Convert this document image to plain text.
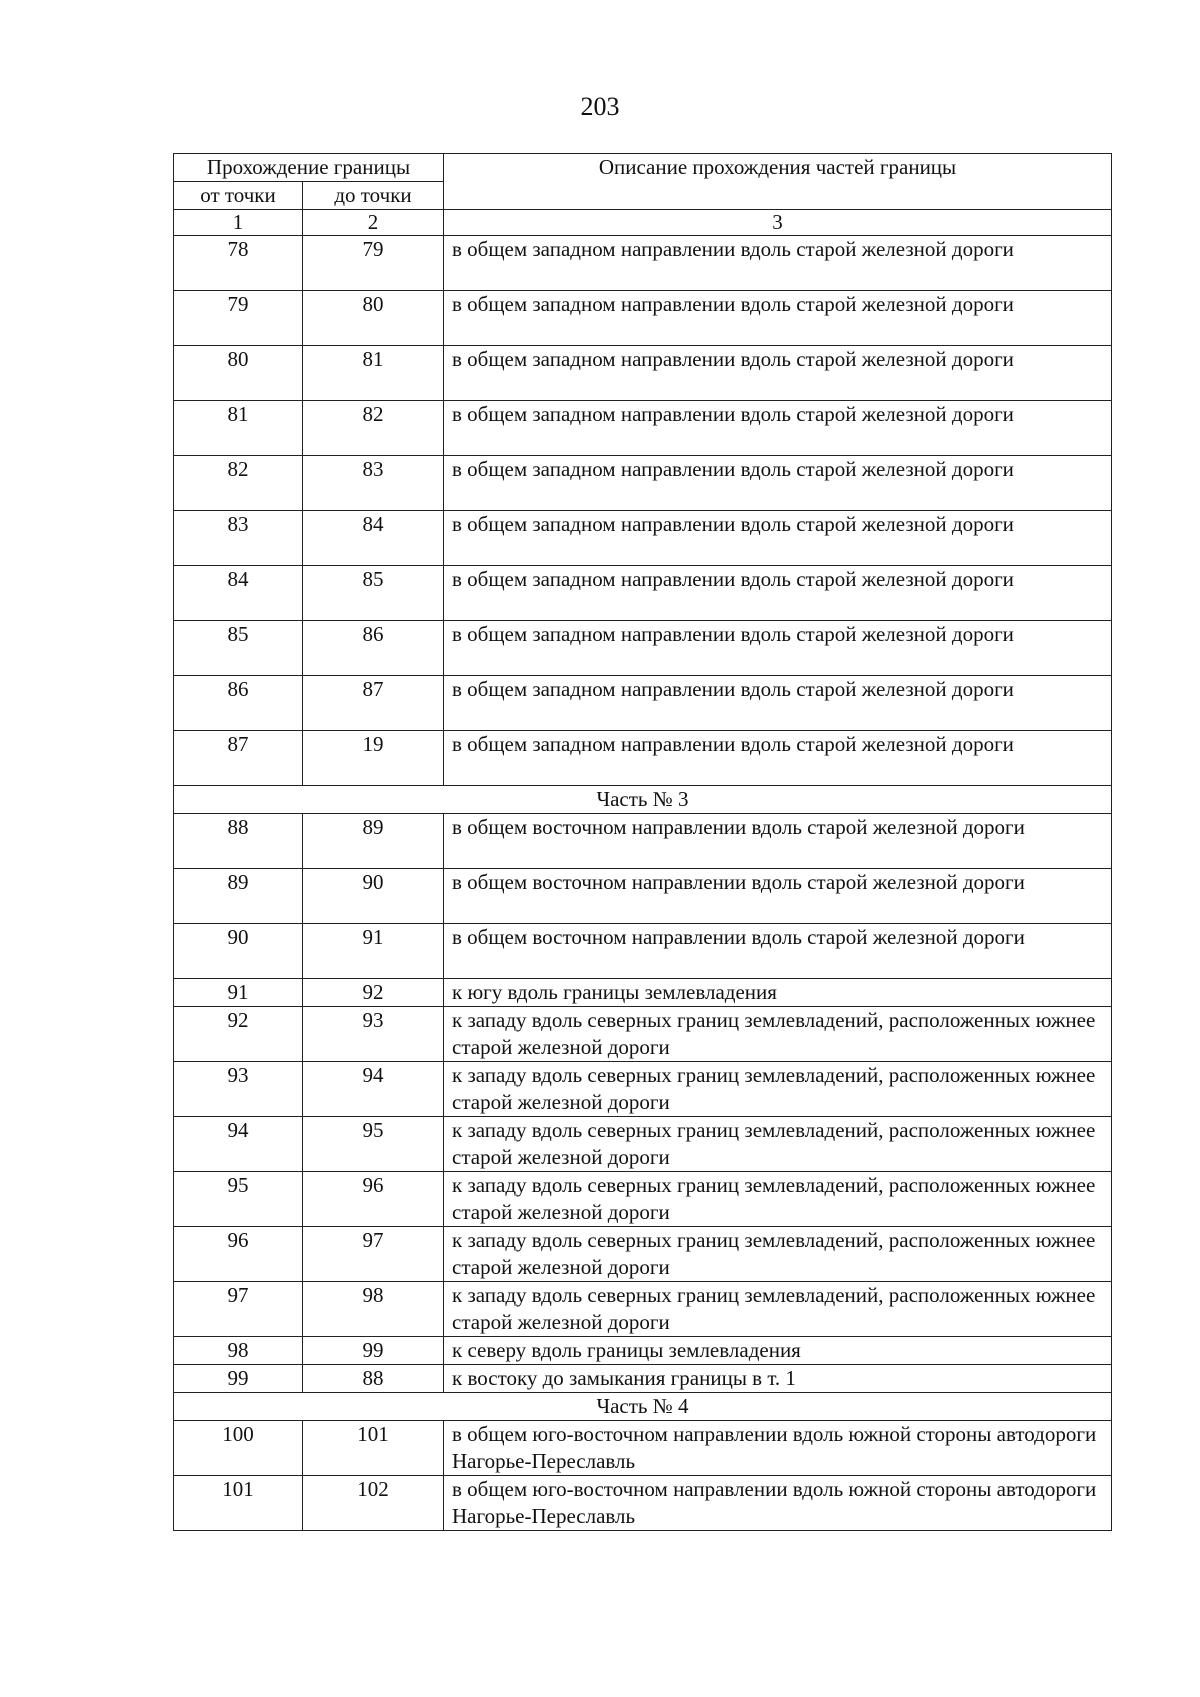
203
Прохождение границы		Описание прохождения частей границы
от точки	до точки	
1	2	3
78	79	в общем западном направлении вдоль старой железной дороги
79	80	в общем западном направлении вдоль старой железной дороги
80	81	в общем западном направлении вдоль старой железной дороги
81	82	в общем западном направлении вдоль старой железной дороги
82	83	в общем западном направлении вдоль старой железной дороги
83	84	в общем западном направлении вдоль старой железной дороги
84	85	в общем западном направлении вдоль старой железной дороги
85	86	в общем западном направлении вдоль старой железной дороги
86	87	в общем западном направлении вдоль старой железной дороги
87	19	в общем западном направлении вдоль старой железной дороги
Часть № 3		
88	89	в общем восточном направлении вдоль старой железной дороги
89	90	в общем восточном направлении вдоль старой железной дороги
90	91	в общем восточном направлении вдоль старой железной дороги
91	92	к югу вдоль границы землевладения
92	93	к западу вдоль северных границ землевладений, расположенных южнее старой железной дороги
93	94	к западу вдоль северных границ землевладений, расположенных южнее старой железной дороги
94	95	к западу вдоль северных границ землевладений, расположенных южнее старой железной дороги
95	96	к западу вдоль северных границ землевладений, расположенных южнее старой железной дороги
96	97	к западу вдоль северных границ землевладений, расположенных южнее старой железной дороги
97	98	к западу вдоль северных границ землевладений, расположенных южнее старой железной дороги
98	99	к северу вдоль границы землевладения
99	88	к востоку до замыкания границы в т. 1
Часть № 4		
100	101	в общем юго-восточном направлении вдоль южной стороны автодороги Нагорье-Переславль
101	102	в общем юго-восточном направлении вдоль южной стороны автодороги Нагорье-Переславль
